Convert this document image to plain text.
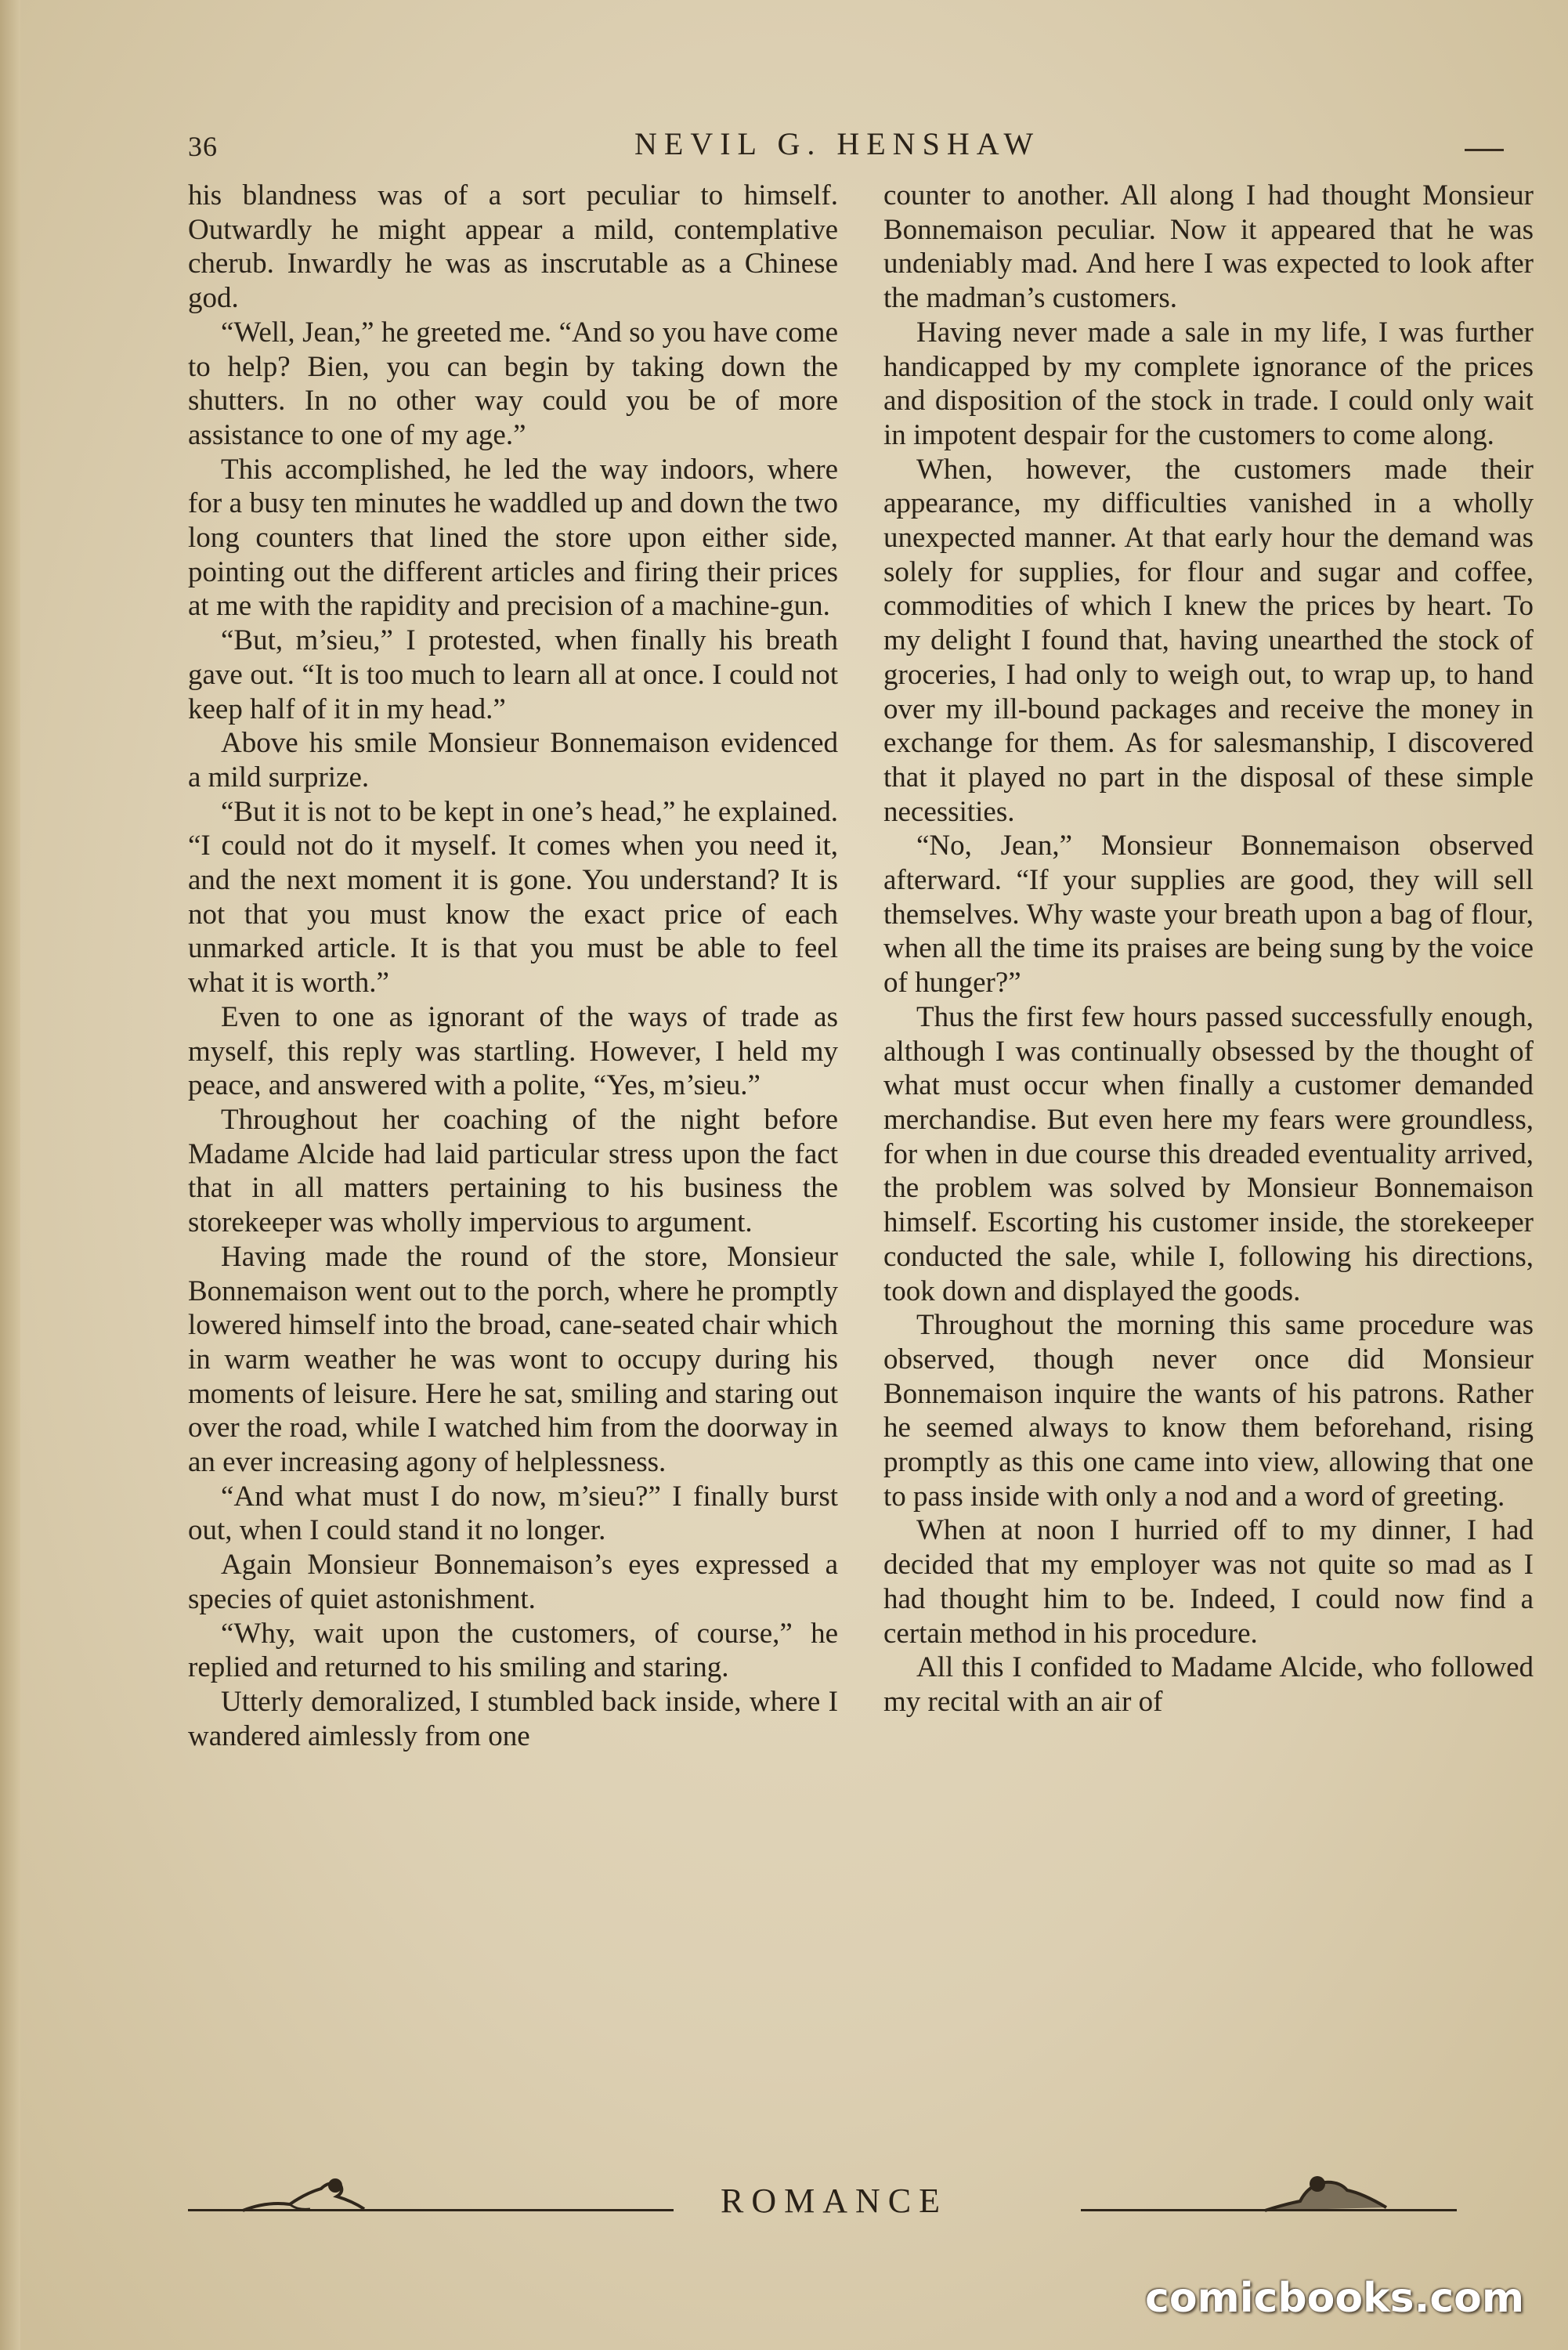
36	NEVIL G. HENSHAW

his blandness was of a sort peculiar to himself. Outwardly he might appear a mild, contemplative cherub. Inwardly he was as inscrutable as a Chinese god.

“Well, Jean,” he greeted me. “And so you have come to help? Bien, you can begin by taking down the shutters. In no other way could you be of more assistance to one of my age.”

This accomplished, he led the way indoors, where for a busy ten minutes he waddled up and down the two long counters that lined the store upon either side, pointing out the different articles and firing their prices at me with the rapidity and precision of a machine-gun.

“But, m’sieu,” I protested, when finally his breath gave out. “It is too much to learn all at once. I could not keep half of it in my head.”

Above his smile Monsieur Bonnemaison evidenced a mild surprize.

“But it is not to be kept in one’s head,” he explained. “I could not do it myself. It comes when you need it, and the next moment it is gone. You understand? It is not that you must know the exact price of each unmarked article. It is that you must be able to feel what it is worth.”

Even to one as ignorant of the ways of trade as myself, this reply was startling. However, I held my peace, and answered with a polite, “Yes, m’sieu.”

Throughout her coaching of the night before Madame Alcide had laid particular stress upon the fact that in all matters pertaining to his business the storekeeper was wholly impervious to argument.

Having made the round of the store, Monsieur Bonnemaison went out to the porch, where he promptly lowered himself into the broad, cane-seated chair which in warm weather he was wont to occupy during his moments of leisure. Here he sat, smiling and staring out over the road, while I watched him from the doorway in an ever increasing agony of helplessness.

“And what must I do now, m’sieu?” I finally burst out, when I could stand it no longer.

Again Monsieur Bonnemaison’s eyes expressed a species of quiet astonishment.

“Why, wait upon the customers, of course,” he replied and returned to his smiling and staring.

Utterly demoralized, I stumbled back inside, where I wandered aimlessly from one

counter to another. All along I had thought Monsieur Bonnemaison peculiar. Now it appeared that he was undeniably mad. And here I was expected to look after the madman’s customers.

Having never made a sale in my life, I was further handicapped by my complete ignorance of the prices and disposition of the stock in trade. I could only wait in impotent despair for the customers to come along.

When, however, the customers made their appearance, my difficulties vanished in a wholly unexpected manner. At that early hour the demand was solely for supplies, for flour and sugar and coffee, commodities of which I knew the prices by heart. To my delight I found that, having unearthed the stock of groceries, I had only to weigh out, to wrap up, to hand over my ill-bound packages and receive the money in exchange for them. As for salesmanship, I discovered that it played no part in the disposal of these simple necessities.

“No, Jean,” Monsieur Bonnemaison observed afterward. “If your supplies are good, they will sell themselves. Why waste your breath upon a bag of flour, when all the time its praises are being sung by the voice of hunger?”

Thus the first few hours passed successfully enough, although I was continually obsessed by the thought of what must occur when finally a customer demanded merchandise. But even here my fears were groundless, for when in due course this dreaded eventuality arrived, the problem was solved by Monsieur Bonnemaison himself. Escorting his customer inside, the storekeeper conducted the sale, while I, following his directions, took down and displayed the goods.

Throughout the morning this same procedure was observed, though never once did Monsieur Bonnemaison inquire the wants of his patrons. Rather he seemed always to know them beforehand, rising promptly as this one came into view, allowing that one to pass inside with only a nod and a word of greeting.

When at noon I hurried off to my dinner, I had decided that my employer was not quite so mad as I had thought him to be. Indeed, I could now find a certain method in his procedure.

All this I confided to Madame Alcide, who followed my recital with an air of

ROMANCE
comicbooks.com
